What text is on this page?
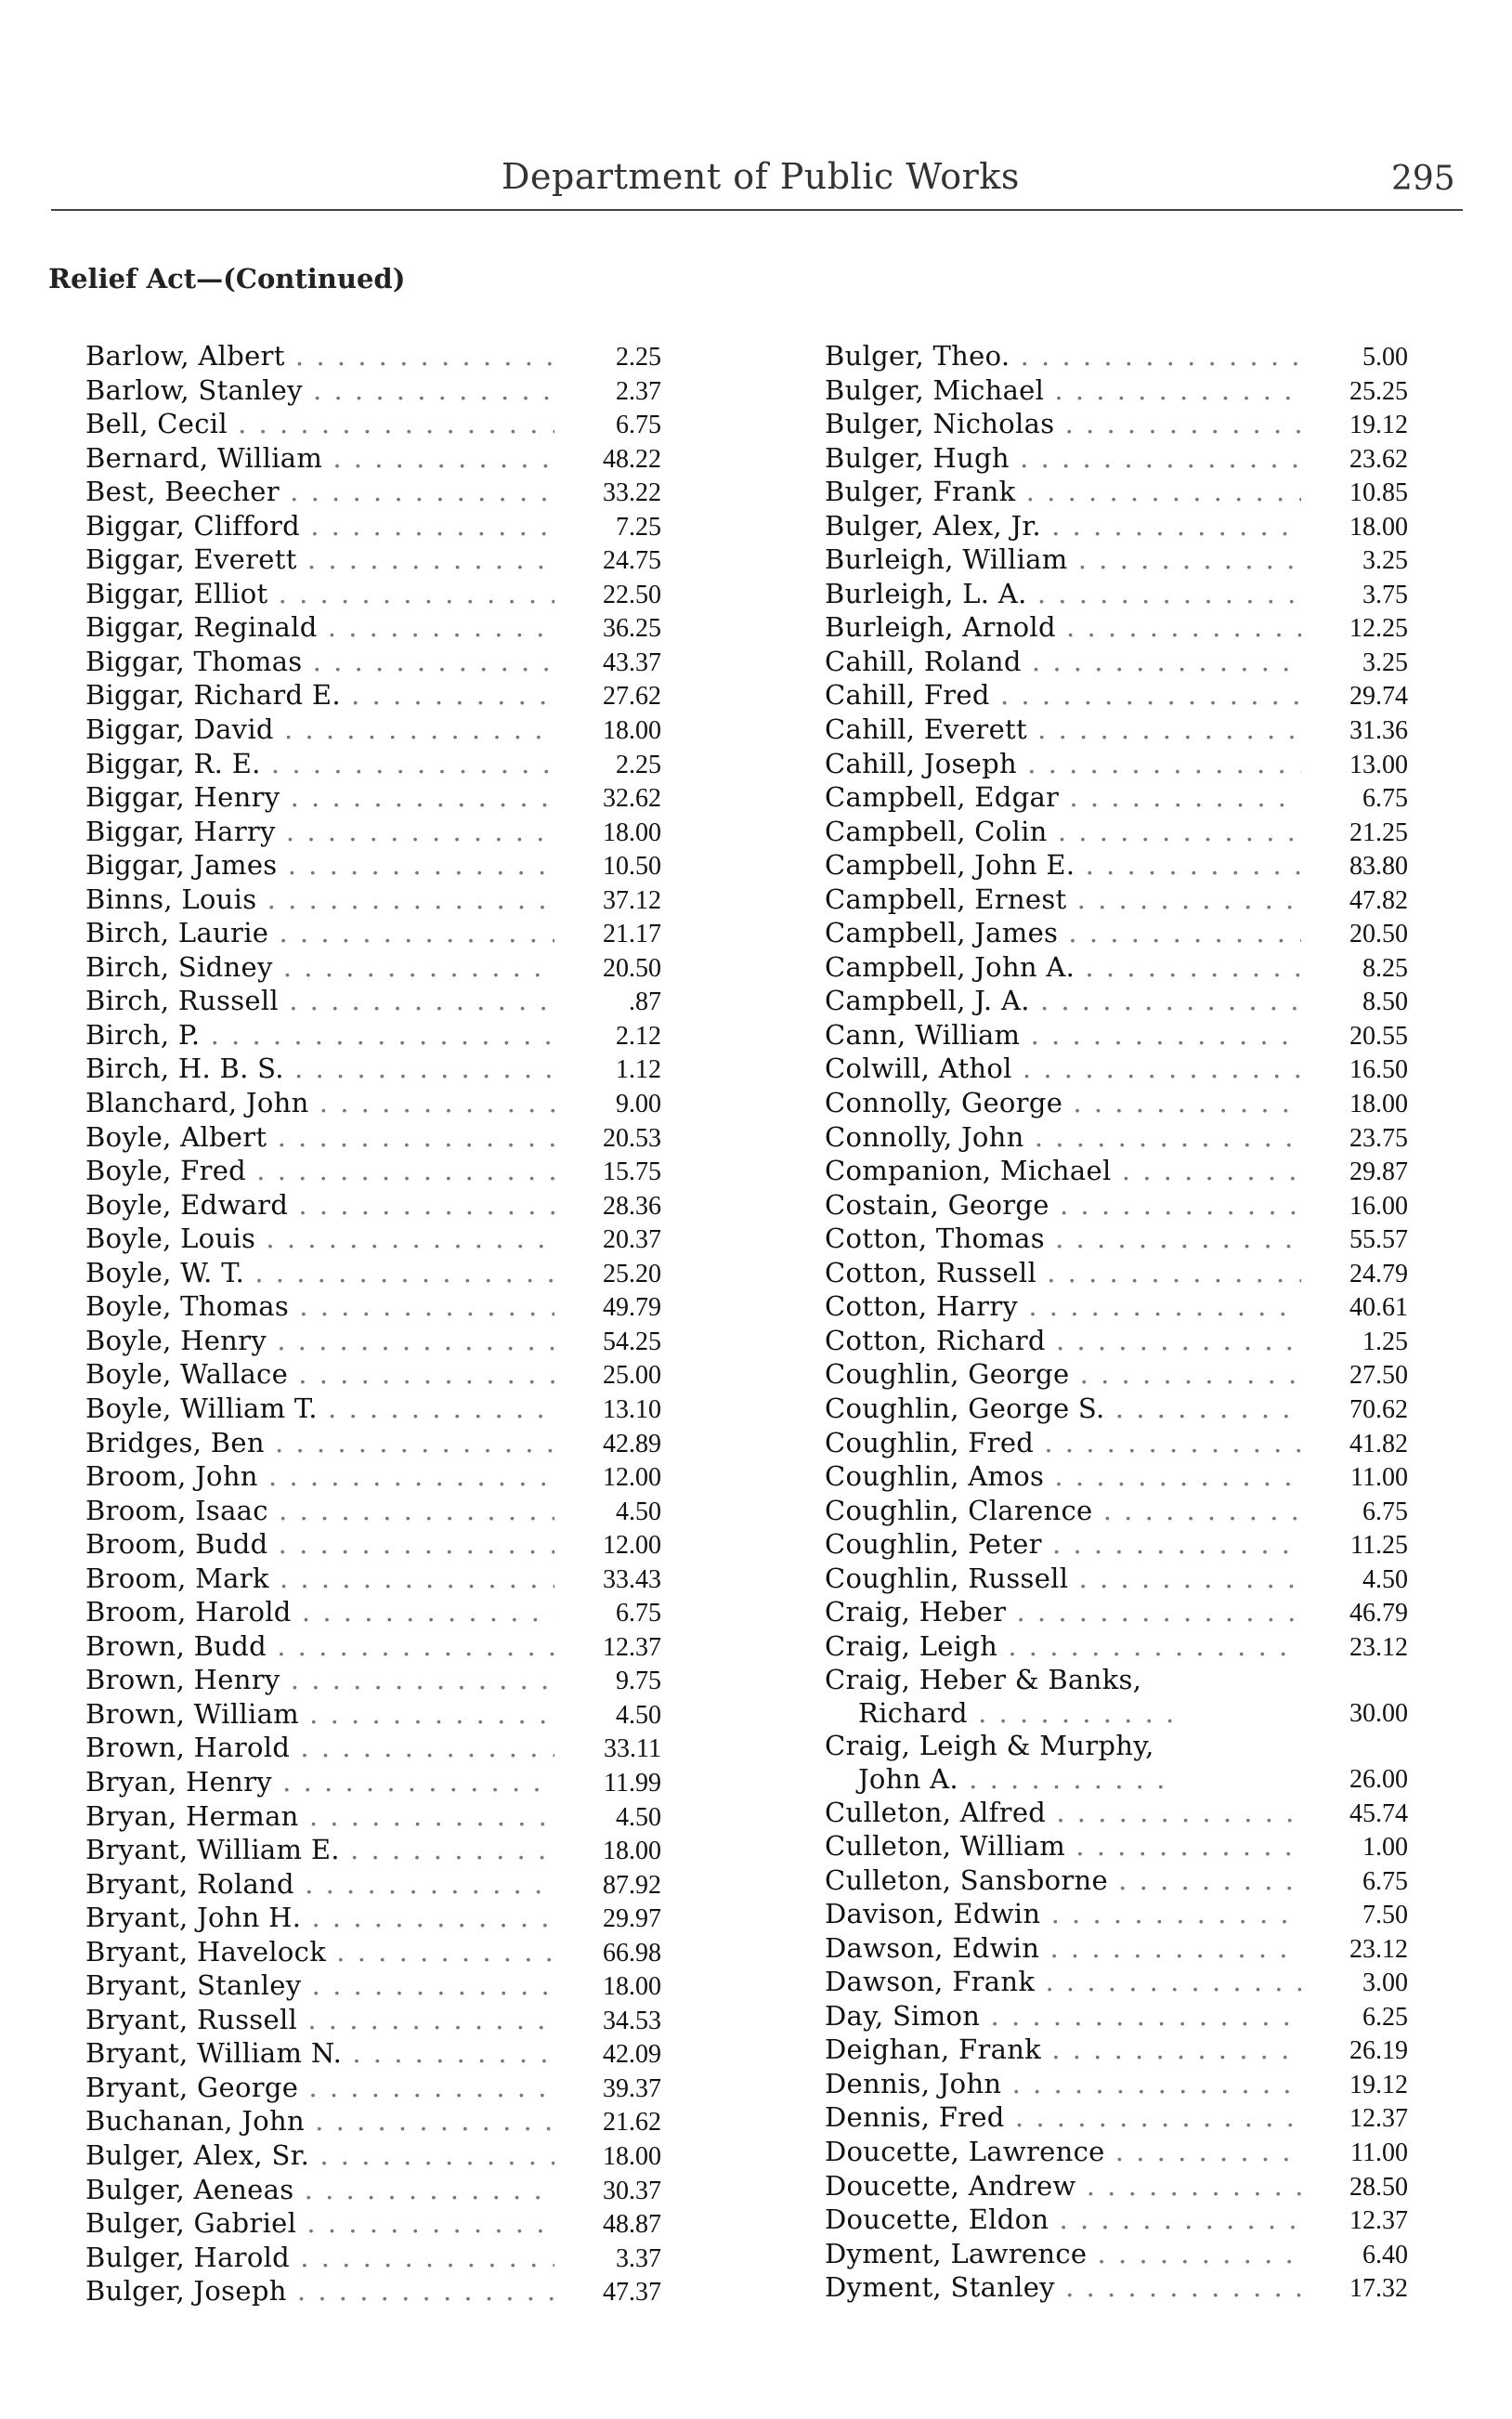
Department of Public Works	295
Relief Act—(Continued)
Barlow, Albert . . .	2.25
Barlow, Stanley . . .	2.37
Bell, Cecil . . .	6.75
Bernard, William . . .	48.22
Best, Beecher . . .	33.22
Biggar, Clifford . . .	7.25
Biggar, Everett . . .	24.75
Biggar, Elliot . . .	22.50
Biggar, Reginald . . .	36.25
Biggar, Thomas . . .	43.37
Biggar, Richard E. . . .	27.62
Biggar, David . . .	18.00
Biggar, R. E. . . .	2.25
Biggar, Henry . . .	32.62
Biggar, Harry . . .	18.00
Biggar, James . . .	10.50
Binns, Louis . . .	37.12
Birch, Laurie . . .	21.17
Birch, Sidney . . .	20.50
Birch, Russell . . .	.87
Birch, P. . . .	2.12
Birch, H. B. S. . . .	1.12
Blanchard, John . . .	9.00
Boyle, Albert . . .	20.53
Boyle, Fred . . .	15.75
Boyle, Edward . . .	28.36
Boyle, Louis . . .	20.37
Boyle, W. T. . . .	25.20
Boyle, Thomas . . .	49.79
Boyle, Henry . . .	54.25
Boyle, Wallace . . .	25.00
Boyle, William T. . . .	13.10
Bridges, Ben . . .	42.89
Broom, John . . .	12.00
Broom, Isaac . . .	4.50
Broom, Budd . . .	12.00
Broom, Mark . . .	33.43
Broom, Harold . . .	6.75
Brown, Budd . . .	12.37
Brown, Henry . . .	9.75
Brown, William . . .	4.50
Brown, Harold . . .	33.11
Bryan, Henry . . .	11.99
Bryan, Herman . . .	4.50
Bryant, William E. . . .	18.00
Bryant, Roland . . .	87.92
Bryant, John H. . . .	29.97
Bryant, Havelock . . .	66.98
Bryant, Stanley . . .	18.00
Bryant, Russell . . .	34.53
Bryant, William N. . . .	42.09
Bryant, George . . .	39.37
Buchanan, John . . .	21.62
Bulger, Alex, Sr. . . .	18.00
Bulger, Aeneas . . .	30.37
Bulger, Gabriel . . .	48.87
Bulger, Harold . . .	3.37
Bulger, Joseph . . .	47.37
Bulger, Theo. . . .	5.00
Bulger, Michael . . .	25.25
Bulger, Nicholas . . .	19.12
Bulger, Hugh . . .	23.62
Bulger, Frank . . .	10.85
Bulger, Alex, Jr. . . .	18.00
Burleigh, William . . .	3.25
Burleigh, L. A. . . .	3.75
Burleigh, Arnold . . .	12.25
Cahill, Roland . . .	3.25
Cahill, Fred . . .	29.74
Cahill, Everett . . .	31.36
Cahill, Joseph . . .	13.00
Campbell, Edgar . . .	6.75
Campbell, Colin . . .	21.25
Campbell, John E. . . .	83.80
Campbell, Ernest . . .	47.82
Campbell, James . . .	20.50
Campbell, John A. . . .	8.25
Campbell, J. A. . . .	8.50
Cann, William . . .	20.55
Colwill, Athol . . .	16.50
Connolly, George . . .	18.00
Connolly, John . . .	23.75
Companion, Michael . . .	29.87
Costain, George . . .	16.00
Cotton, Thomas . . .	55.57
Cotton, Russell . . .	24.79
Cotton, Harry . . .	40.61
Cotton, Richard . . .	1.25
Coughlin, George . . .	27.50
Coughlin, George S. . . .	70.62
Coughlin, Fred . . .	41.82
Coughlin, Amos . . .	11.00
Coughlin, Clarence . . .	6.75
Coughlin, Peter . . .	11.25
Coughlin, Russell . . .	4.50
Craig, Heber . . .	46.79
Craig, Leigh . . .	23.12
Craig, Heber & Banks,
Richard . . .	30.00
Craig, Leigh & Murphy,
John A. . . .	26.00
Culleton, Alfred . . .	45.74
Culleton, William . . .	1.00
Culleton, Sansborne . . .	6.75
Davison, Edwin . . .	7.50
Dawson, Edwin . . .	23.12
Dawson, Frank . . .	3.00
Day, Simon . . .	6.25
Deighan, Frank . . .	26.19
Dennis, John . . .	19.12
Dennis, Fred . . .	12.37
Doucette, Lawrence . . .	11.00
Doucette, Andrew . . .	28.50
Doucette, Eldon . . .	12.37
Dyment, Lawrence . . .	6.40
Dyment, Stanley . . .	17.32
